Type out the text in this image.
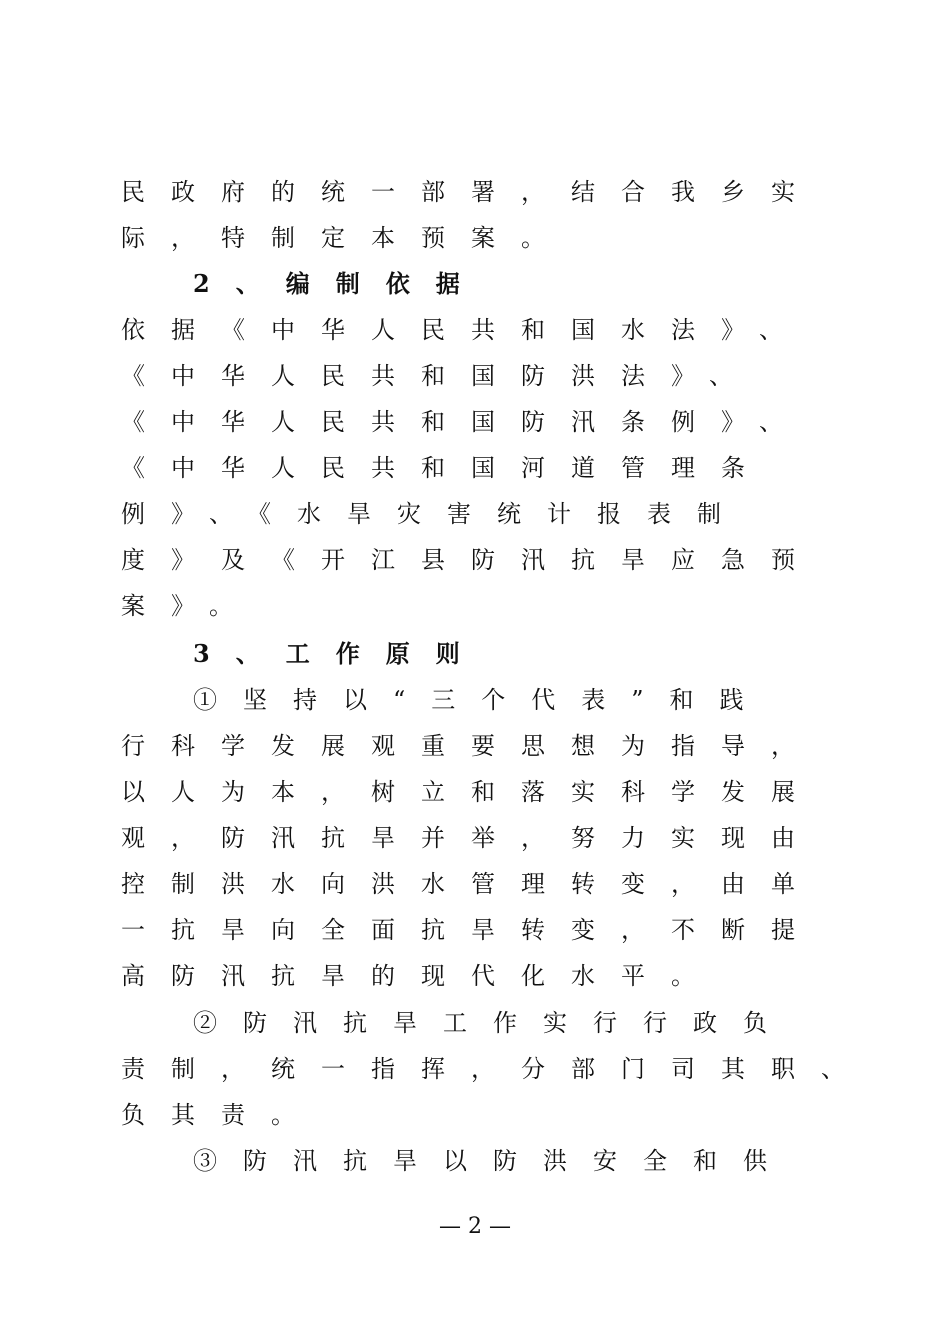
民政府的统一部署，结合我乡实
际，特制定本预案。
2、编制依据
依据《中华人民共和国水法》、
《中华人民共和国防洪法》、
《中华人民共和国防汛条例》、
《中华人民共和国河道管理条
例》、《水旱灾害统计报表制
度》及《开江县防汛抗旱应急预
案》。
3、工作原则
①坚持以“三个代表”和践
行科学发展观重要思想为指导，
以人为本，树立和落实科学发展
观，防汛抗旱并举，努力实现由
控制洪水向洪水管理转变，由单
一抗旱向全面抗旱转变，不断提
高防汛抗旱的现代化水平。
②防汛抗旱工作实行行政负
责制，统一指挥，分部门司其职、
负其责。
③防汛抗旱以防洪安全和供
— 2 —
